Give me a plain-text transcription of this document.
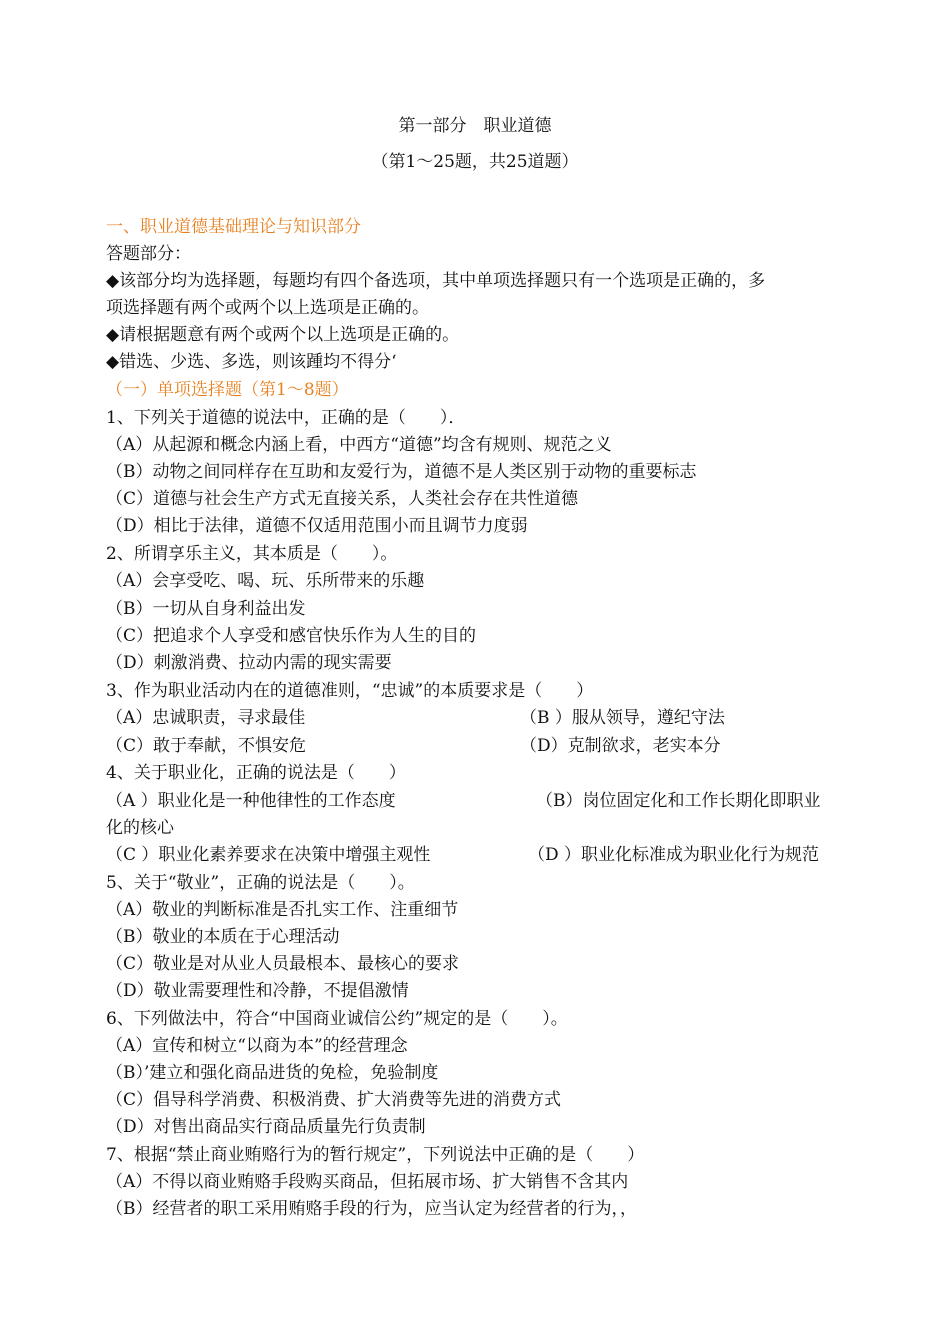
第一部分　职业道德
（第1～25题，共25道题）
一、职业道德基础理论与知识部分
答题部分：
◆该部分均为选择题，每题均有四个备选项，其中单项选择题只有一个选项是正确的，多
项选择题有两个或两个以上选项是正确的。
◆请根据题意有两个或两个以上选项是正确的。
◆错选、少选、多选，则该踵均不得分‘
（一）单项选择题（第1～8题）
1、下列关于道德的说法中，正确的是（　　）．
（A）从起源和概念内涵上看，中西方“道德”均含有规则、规范之义
（B）动物之间同样存在互助和友爱行为，道德不是人类区别于动物的重要标志
（C）道德与社会生产方式无直接关系，人类社会存在共性道德
（D）相比于法律，道德不仅适用范围小而且调节力度弱
2、所谓享乐主义，其本质是（　　）。
（A）会享受吃、喝、玩、乐所带来的乐趣
（B）一切从自身利益出发
（C）把追求个人享受和感官快乐作为人生的目的
（D）刺激消费、拉动内需的现实需要
3、作为职业活动内在的道德准则，“忠诚”的本质要求是（　　）
（A）忠诚职责，寻求最佳	（B ）服从领导，遵纪守法
（C）敢于奉献，不惧安危	（D）克制欲求，老实本分
4、关于职业化，正确的说法是（　　）
（A ）职业化是一种他律性的工作态度	（B）岗位固定化和工作长期化即职业
化的核心
（C ）职业化素养要求在决策中增强主观性	（D ）职业化标准成为职业化行为规范
5、关于“敬业”，正确的说法是（　　）。
（A）敬业的判断标准是否扎实工作、注重细节
（B）敬业的本质在于心理活动
（C）敬业是对从业人员最根本、最核心的要求
（D）敬业需要理性和冷静，不提倡激情
6、下列做法中，符合“中国商业诚信公约”规定的是（　　）。
（A）宣传和树立“以商为本”的经营理念
（B）’建立和强化商品进货的免检，免验制度
（C）倡导科学消费、积极消费、扩大消费等先进的消费方式
（D）对售出商品实行商品质量先行负责制
7、根据“禁止商业贿赂行为的暂行规定”，下列说法中正确的是（　　）
（A）不得以商业贿赂手段购买商品，但拓展市场、扩大销售不含其内
（B）经营者的职工采用贿赂手段的行为，应当认定为经营者的行为，，
